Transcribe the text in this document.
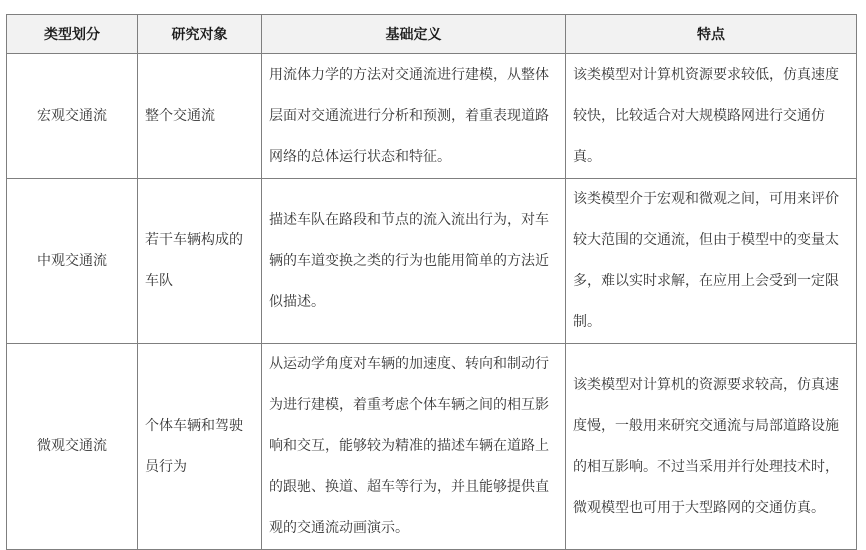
类型划分	研究对象	基础定义	特点
宏观交通流	整个交通流	用流体力学的方法对交通流进行建模，从整体层面对交通流进行分析和预测，着重表现道路网络的总体运行状态和特征。	该类模型对计算机资源要求较低，仿真速度较快，比较适合对大规模路网进行交通仿真。
中观交通流	若干车辆构成的车队	描述车队在路段和节点的流入流出行为，对车辆的车道变换之类的行为也能用简单的方法近似描述。	该类模型介于宏观和微观之间，可用来评价较大范围的交通流，但由于模型中的变量太多，难以实时求解，在应用上会受到一定限制。
微观交通流	个体车辆和驾驶员行为	从运动学角度对车辆的加速度、转向和制动行为进行建模，着重考虑个体车辆之间的相互影响和交互，能够较为精准的描述车辆在道路上的跟驰、换道、超车等行为，并且能够提供直观的交通流动画演示。	该类模型对计算机的资源要求较高，仿真速度慢，一般用来研究交通流与局部道路设施的相互影响。不过当采用并行处理技术时，微观模型也可用于大型路网的交通仿真。
